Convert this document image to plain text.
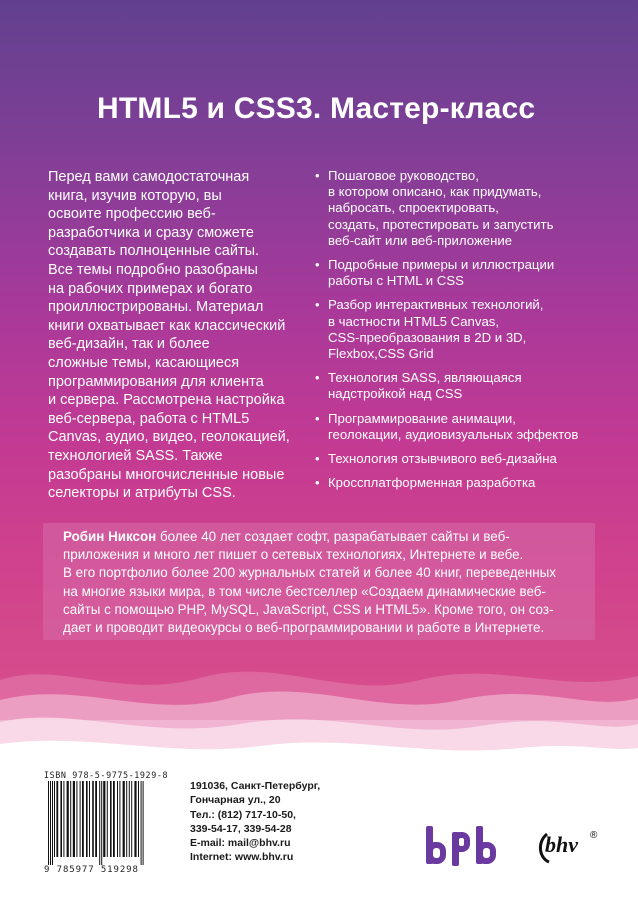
HTML5 и CSS3. Мастер-класс
Перед вами самодостаточная
книга, изучив которую, вы
освоите профессию веб-
разработчика и сразу сможете
создавать полноценные сайты.
Все темы подробно разобраны
на рабочих примерах и богато
проиллюстрированы. Материал
книги охватывает как классический
веб-дизайн, так и более
сложные темы, касающиеся
программирования для клиента
и сервера. Рассмотрена настройка
веб-сервера, работа с HTML5
Canvas, аудио, видео, геолокацией,
технологией SASS. Также
разобраны многочисленные новые
селекторы и атрибуты CSS.
• Пошаговое руководство,
в котором описано, как придумать,
набросать, спроектировать,
создать, протестировать и запустить
веб-сайт или веб-приложение
• Подробные примеры и иллюстрации
работы с HTML и CSS
• Разбор интерактивных технологий,
в частности HTML5 Canvas,
CSS-преобразования в 2D и 3D,
Flexbox,CSS Grid
• Технология SASS, являющаяся
надстройкой над CSS
• Программирование анимации,
геолокации, аудиовизуальных эффектов
• Технология отзывчивого веб-дизайна
• Кроссплатформенная разработка
Робин Никсон более 40 лет создает софт, разрабатывает сайты и веб-
приложения и много лет пишет о сетевых технологиях, Интернете и вебе.
В его портфолио более 200 журнальных статей и более 40 книг, переведенных
на многие языки мира, в том числе бестселлер «Создаем динамические веб-
сайты с помощью PHP, MySQL, JavaScript, CSS и HTML5». Кроме того, он соз-
дает и проводит видеокурсы о веб-программировании и работе в Интернете.
ISBN 978-5-9775-1929-8
9 785977 519298
191036, Санкт-Петербург,
Гончарная ул., 20
Тел.: (812) 717-10-50,
339-54-17, 339-54-28
E-mail: mail@bhv.ru
Internet: www.bhv.ru
bhv ®
